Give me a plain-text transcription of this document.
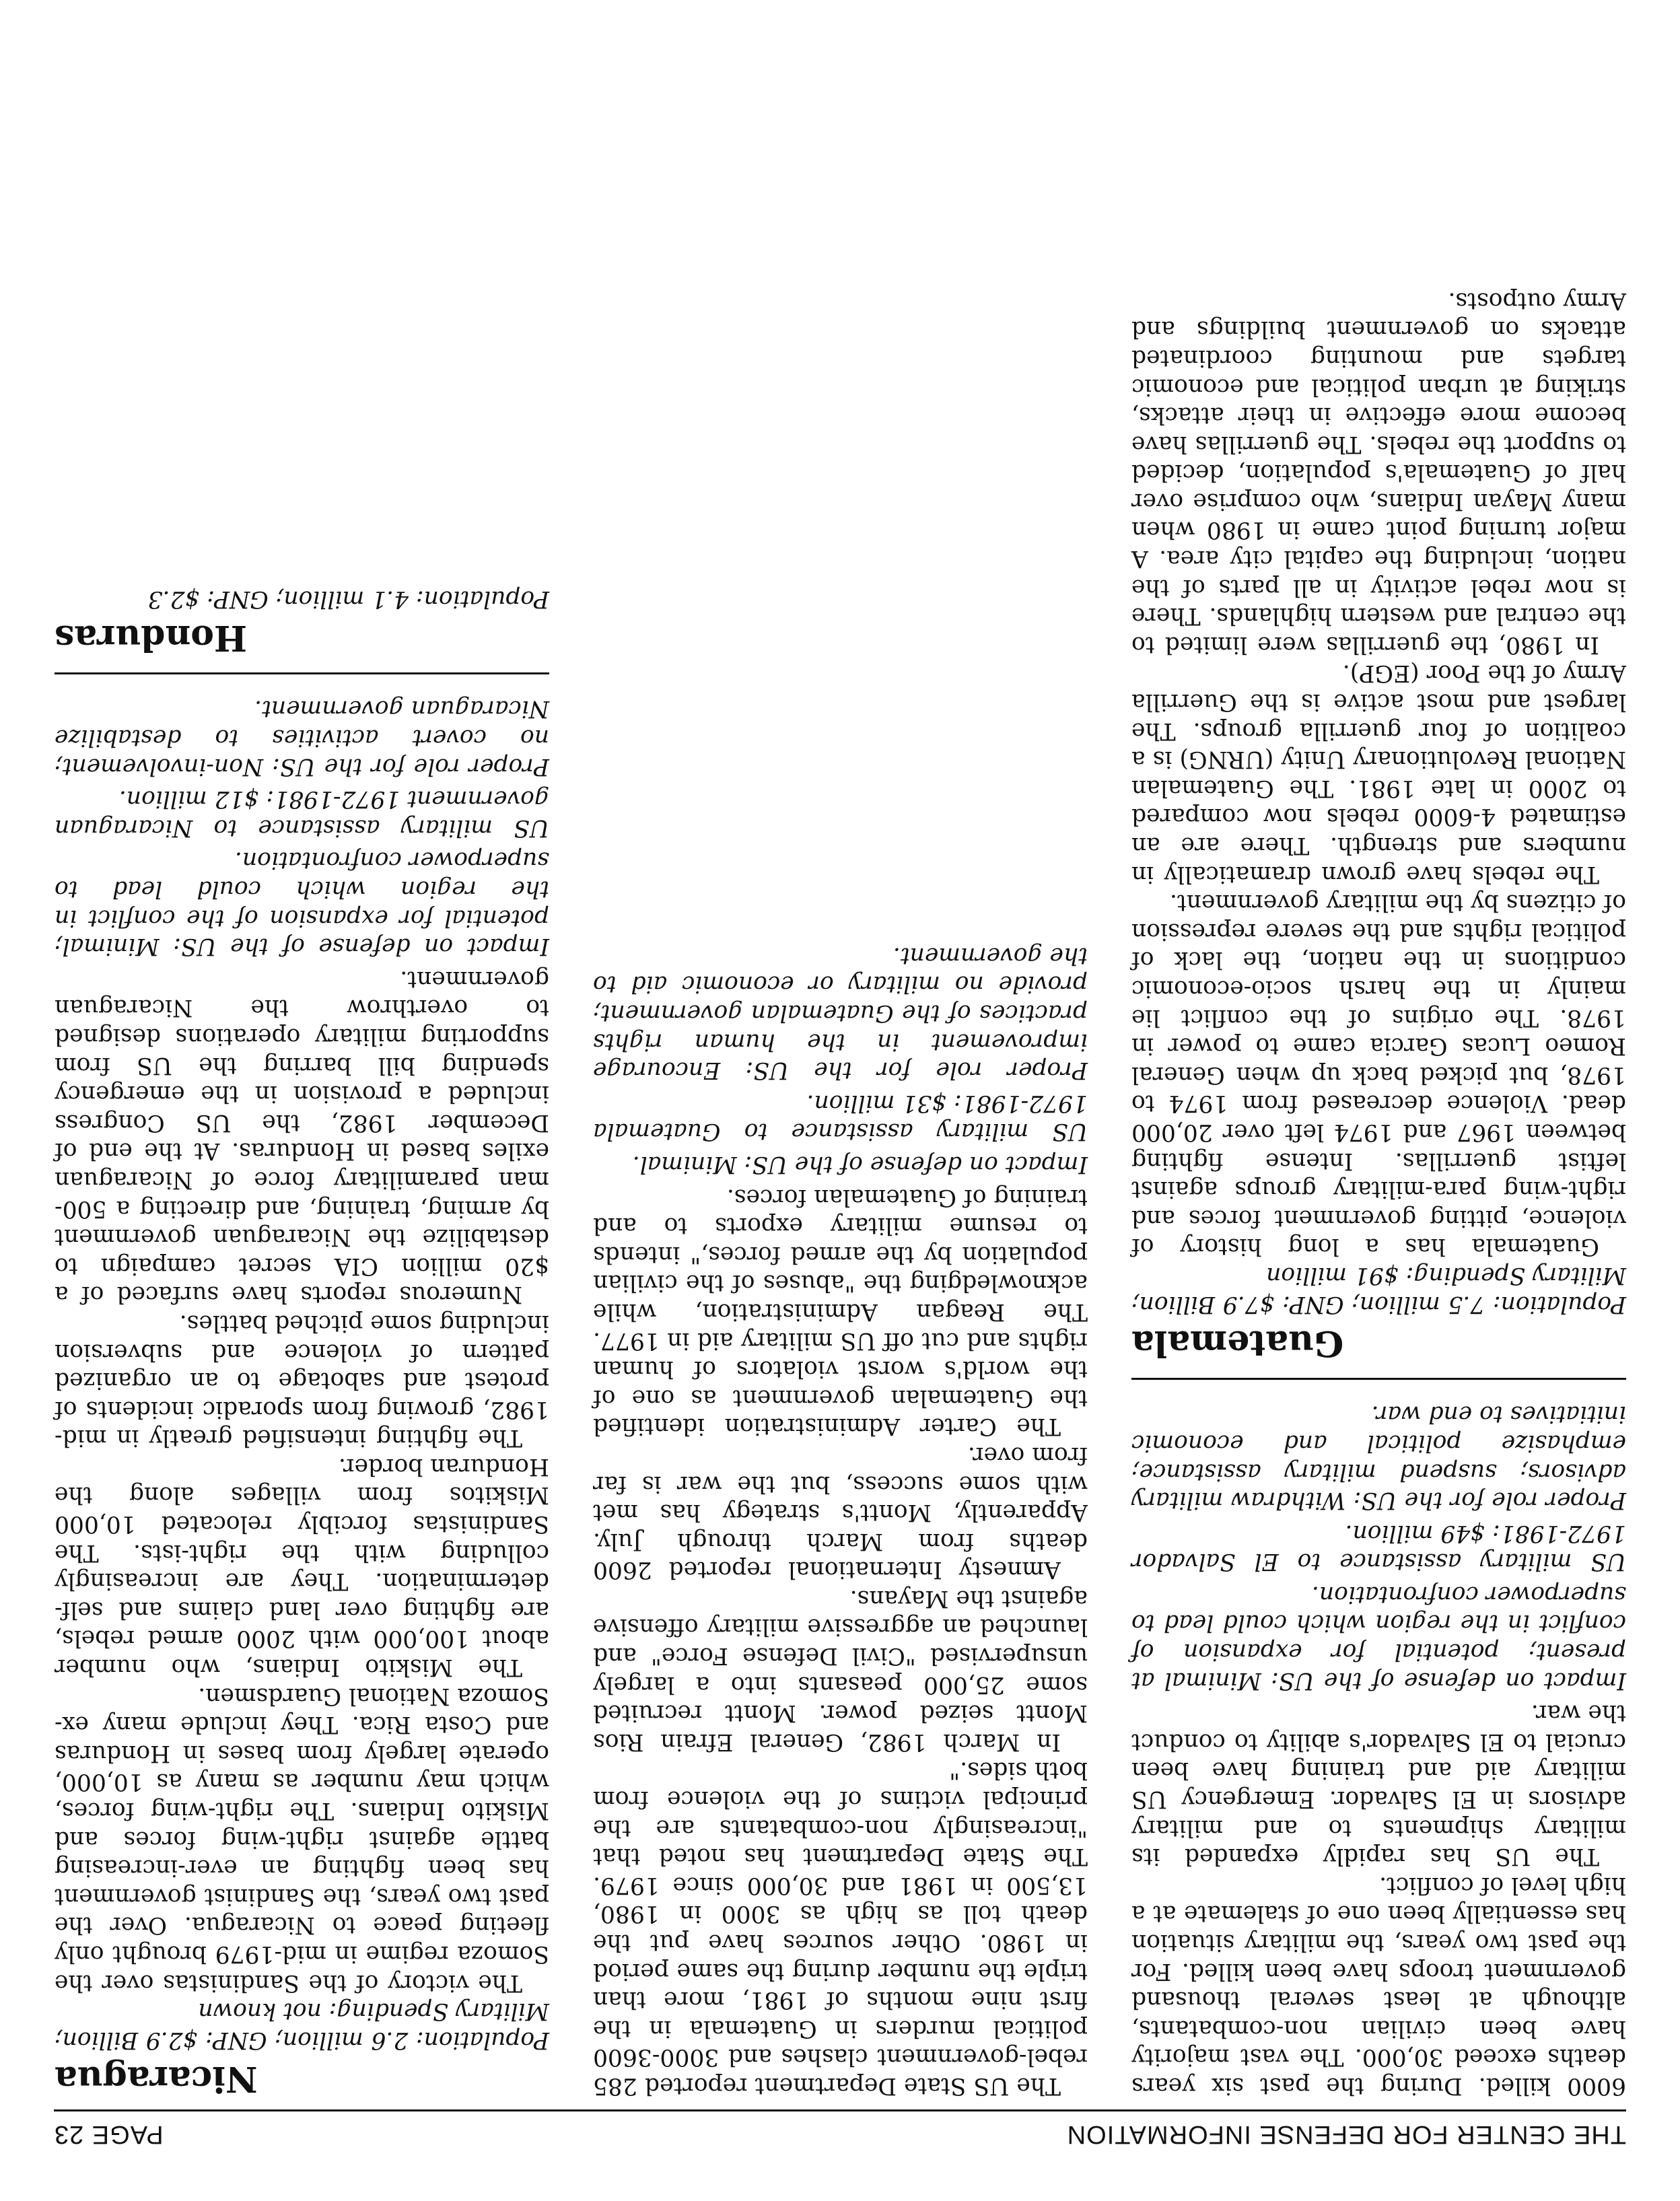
THE CENTER FOR DEFENSE INFORMATION
PAGE 23

6000 killed. During the past six years deaths exceed 30,000. The vast majority have been civilian non-combatants, although at least several thousand government troops have been killed. For the past two years, the military situation has essentially been one of stalemate at a high level of conflict.

The US has rapidly expanded its military shipments to and military advisors in El Salvador. Emergency US military aid and training have been crucial to El Salvador's ability to conduct the war.

Impact on defense of the US: Minimal at present; potential for expansion of conflict in the region which could lead to superpower confrontation.

US military assistance to El Salvador 1972-1981: $49 million.

Proper role for the US: Withdraw military advisors; suspend military assistance; emphasize political and economic initiatives to end war.

Guatemala

Population: 7.5 million; GNP: $7.9 Billion; Military Spending: $91 million

Guatemala has a long history of violence, pitting government forces and right-wing para-military groups against leftist guerrillas. Intense fighting between 1967 and 1974 left over 20,000 dead. Violence decreased from 1974 to 1978, but picked back up when General Romeo Lucas Garcia came to power in 1978. The origins of the conflict lie mainly in the harsh socio-economic conditions in the nation, the lack of political rights and the severe repression of citizens by the military government.

The rebels have grown dramatically in numbers and strength. There are an estimated 4-6000 rebels now compared to 2000 in late 1981. The Guatemalan National Revolutionary Unity (URNG) is a coalition of four guerrilla groups. The largest and most active is the Guerrilla Army of the Poor (EGP).

In 1980, the guerrillas were limited to the central and western highlands. There is now rebel activity in all parts of the nation, including the capital city area. A major turning point came in 1980 when many Mayan Indians, who comprise over half of Guatemala's population, decided to support the rebels. The guerrillas have become more effective in their attacks, striking at urban political and economic targets and mounting coordinated attacks on government buildings and Army outposts.

The US State Department reported 285 rebel-government clashes and 3000-3600 political murders in Guatemala in the first nine months of 1981, more than triple the number during the same period in 1980. Other sources have put the death toll as high as 3000 in 1980, 13,500 in 1981 and 30,000 since 1979. The State Department has noted that "increasingly non-combatants are the principal victims of the violence from both sides."

In March 1982, General Efrain Rios Montt seized power. Montt recruited some 25,000 peasants into a largely unsupervised "Civil Defense Force" and launched an aggressive military offensive against the Mayans.

Amnesty International reported 2600 deaths from March through July. Apparently, Montt's strategy has met with some success, but the war is far from over.

The Carter Administration identified the Guatemalan government as one of the world's worst violators of human rights and cut off US military aid in 1977. The Reagan Administration, while acknowledging the "abuses of the civilian population by the armed forces," intends to resume military exports to and training of Guatemalan forces.

Impact on defense of the US: Minimal.

US military assistance to Guatemala 1972-1981: $31 million.

Proper role for the US: Encourage improvement in the human rights practices of the Guatemalan government; provide no military or economic aid to the government.

Nicaragua

Population: 2.6 million; GNP: $2.9 Billion; Military Spending: not known

The victory of the Sandinistas over the Somoza regime in mid-1979 brought only fleeting peace to Nicaragua. Over the past two years, the Sandinist government has been fighting an ever-increasing battle against right-wing forces and Miskito Indians. The right-wing forces, which may number as many as 10,000, operate largely from bases in Honduras and Costa Rica. They include many ex-Somoza National Guardsmen.

The Miskito Indians, who number about 100,000 with 2000 armed rebels, are fighting over land claims and self-determination. They are increasingly colluding with the right-ists. The Sandinistas forcibly relocated 10,000 Miskitos from villages along the Honduran border.

The fighting intensified greatly in mid-1982, growing from sporadic incidents of protest and sabotage to an organized pattern of violence and subversion including some pitched battles.

Numerous reports have surfaced of a $20 million CIA secret campaign to destabilize the Nicaraguan government by arming, training, and directing a 500-man paramilitary force of Nicaraguan exiles based in Honduras. At the end of December 1982, the US Congress included a provision in the emergency spending bill barring the US from supporting military operations designed to overthrow the Nicaraguan government.

Impact on defense of the US: Minimal; potential for expansion of the conflict in the region which could lead to superpower confrontation.

US military assistance to Nicaraguan government 1972-1981: $12 million.

Proper role for the US: Non-involvement; no covert activities to destabilize Nicaraguan government.

Honduras

Population: 4.1 million; GNP: $2.3
